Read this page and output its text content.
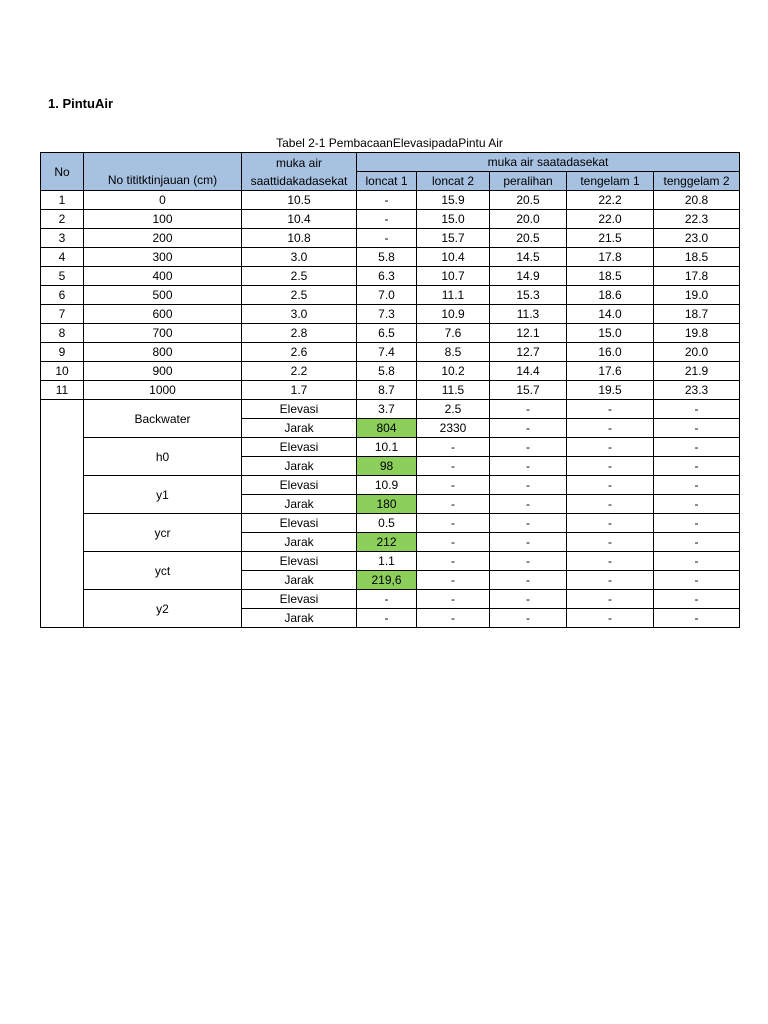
1. PintuAir
Tabel 2-1 PembacaanElevasipadaPintu Air
No	No tititktinjauan (cm)	muka air
saattidakadasekat	muka air saatadasekat				
			loncat 1	loncat 2	peralihan	tengelam 1	tenggelam 2
1	0	10.5	-	15.9	20.5	22.2	20.8
2	100	10.4	-	15.0	20.0	22.0	22.3
3	200	10.8	-	15.7	20.5	21.5	23.0
4	300	3.0	5.8	10.4	14.5	17.8	18.5
5	400	2.5	6.3	10.7	14.9	18.5	17.8
6	500	2.5	7.0	11.1	15.3	18.6	19.0
7	600	3.0	7.3	10.9	11.3	14.0	18.7
8	700	2.8	6.5	7.6	12.1	15.0	19.8
9	800	2.6	7.4	8.5	12.7	16.0	20.0
10	900	2.2	5.8	10.2	14.4	17.6	21.9
11	1000	1.7	8.7	11.5	15.7	19.5	23.3
	Backwater	Elevasi	3.7	2.5	-	-	-
		Jarak	804	2330	-	-	-
	h0	Elevasi	10.1	-	-	-	-
		Jarak	98	-	-	-	-
	y1	Elevasi	10.9	-	-	-	-
		Jarak	180	-	-	-	-
	ycr	Elevasi	0.5	-	-	-	-
		Jarak	212	-	-	-	-
	yct	Elevasi	1.1	-	-	-	-
		Jarak	219,6	-	-	-	-
	y2	Elevasi	-	-	-	-	-
		Jarak	-	-	-	-	-
